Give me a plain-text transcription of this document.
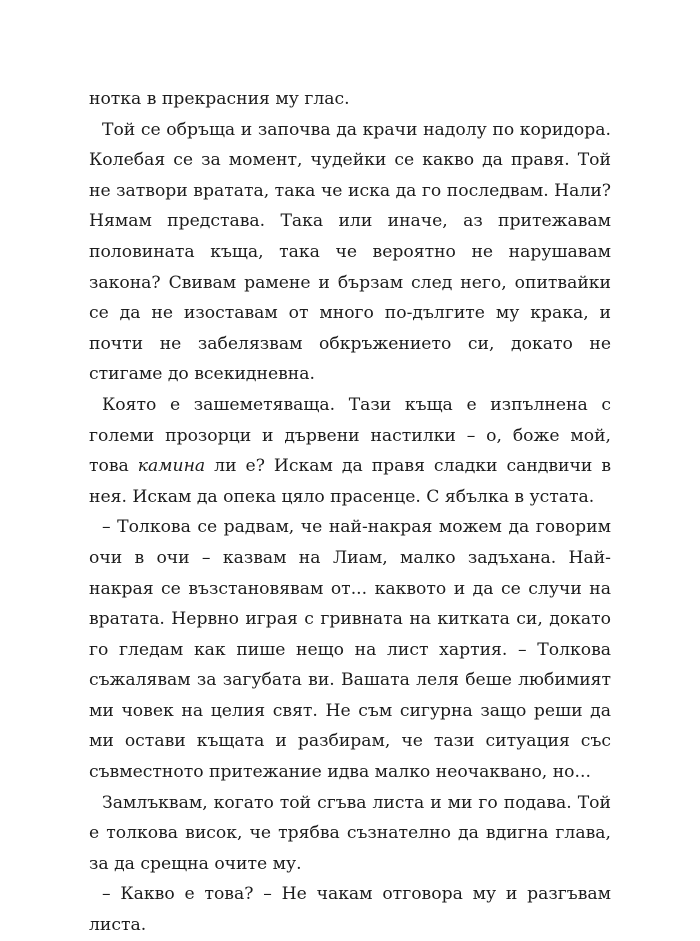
нотка в прекрасния му глас.

Той се обръща и започва да крачи надолу по коридора. Колебая се за момент, чудейки се какво да правя. Той не затвори вратата, така че иска да го последвам. Нали? Нямам представа. Така или иначе, аз притежавам половината къща, така че вероятно не нарушавам закона? Свивам рамене и бързам след него, опитвайки се да не изоставам от много по-дългите му крака, и почти не забелязвам обкръжението си, докато не стигаме до всекидневна.

Която е зашеметяваща. Тази къща е изпълнена с големи прозорци и дървени настилки – о, боже мой, това камина ли е? Искам да правя сладки сандвичи в нея. Искам да опека цяло прасенце. С ябълка в устата.

– Толкова се радвам, че най-накрая можем да говорим очи в очи – казвам на Лиам, малко задъхана. Най-накрая се възстановявам от... каквото и да се случи на вратата. Нервно играя с гривната на китката си, докато го гледам как пише нещо на лист хартия. – Толкова съжалявам за загубата ви. Вашата леля беше любимият ми човек на целия свят. Не съм сигурна защо реши да ми остави къщата и разбирам, че тази ситуация със съвместното притежание идва малко неочаквано, но...

Замлъквам, когато той сгъва листа и ми го подава. Той е толкова висок, че трябва съзнателно да вдигна глава, за да срещна очите му.

– Какво е това? – Не чакам отговора му и разгъвам листа.
